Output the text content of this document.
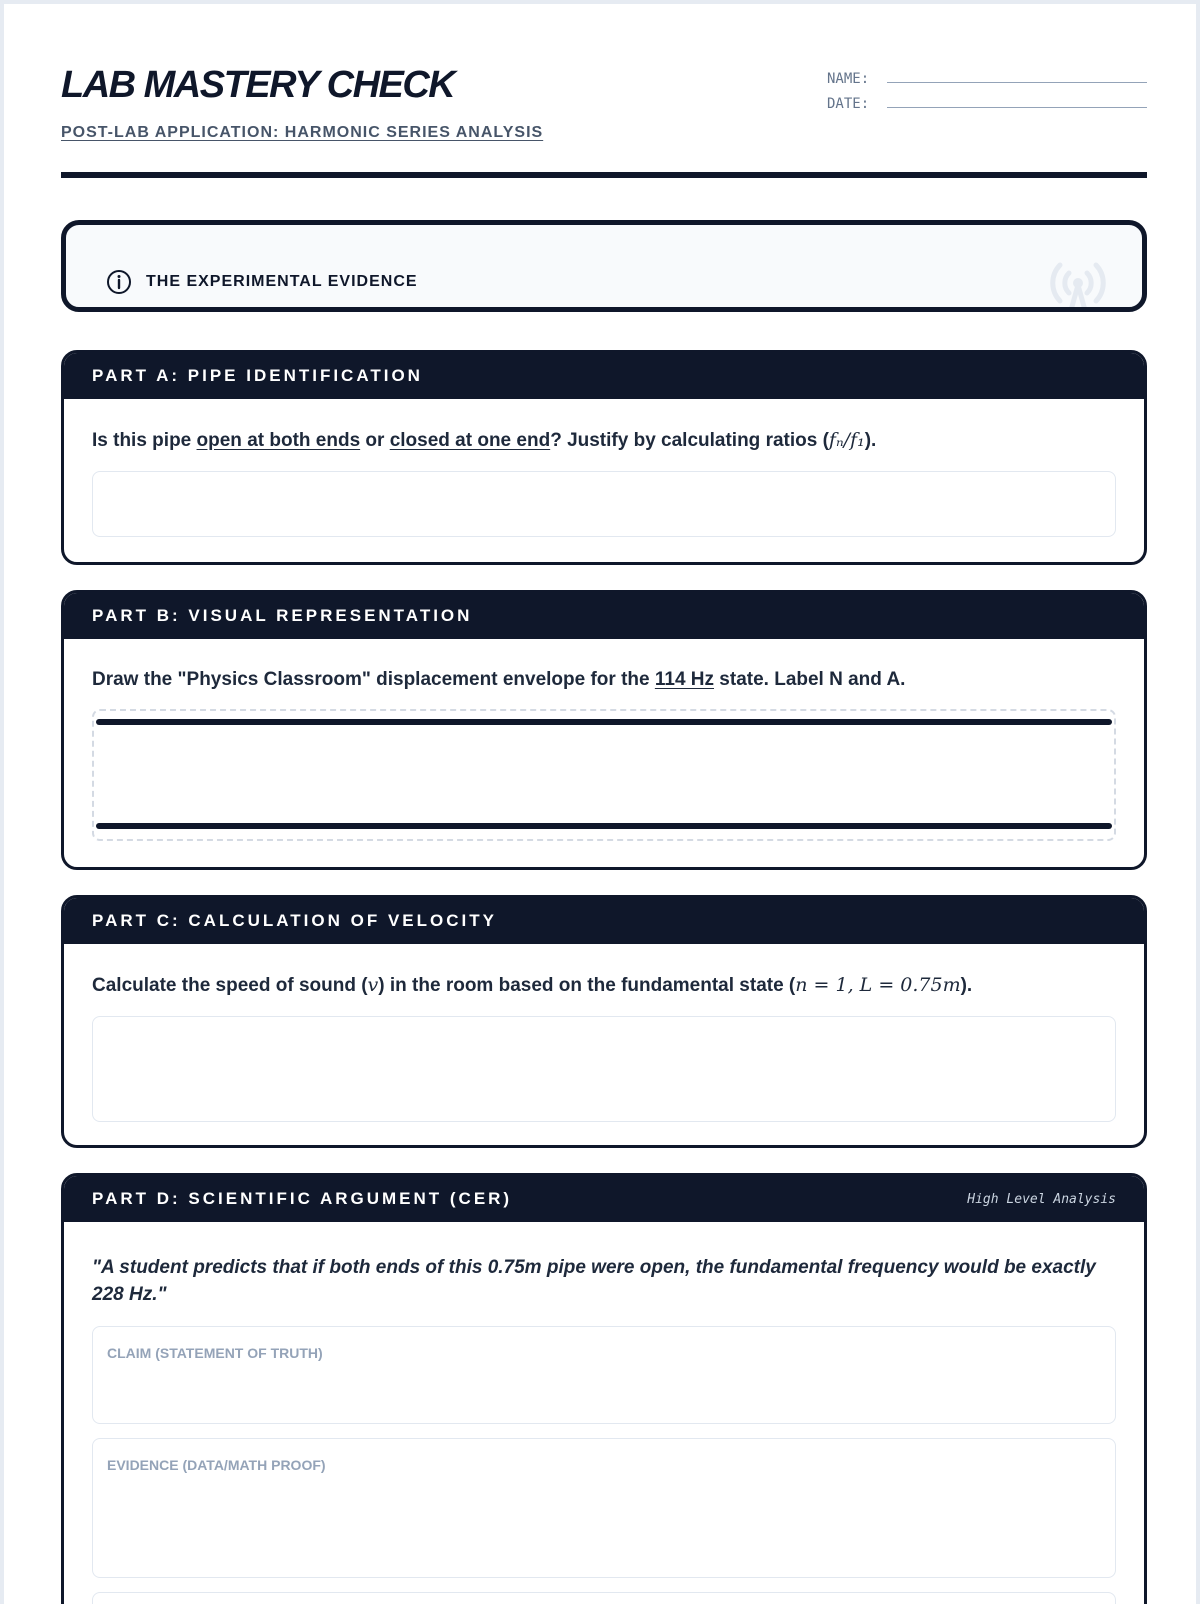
LAB MASTERY CHECK
POST-LAB APPLICATION: HARMONIC SERIES ANALYSIS
NAME:
DATE:
THE EXPERIMENTAL EVIDENCE
PART A: PIPE IDENTIFICATION
Is this pipe open at both ends or closed at one end? Justify by calculating ratios (fₙ/f₁).
PART B: VISUAL REPRESENTATION
Draw the "Physics Classroom" displacement envelope for the 114 Hz state. Label N and A.
PART C: CALCULATION OF VELOCITY
Calculate the speed of sound (v) in the room based on the fundamental state (n = 1, L = 0.75m).
PART D: SCIENTIFIC ARGUMENT (CER)	High Level Analysis
"A student predicts that if both ends of this 0.75m pipe were open, the fundamental frequency would be exactly 228 Hz."
CLAIM (STATEMENT OF TRUTH)
EVIDENCE (DATA/MATH PROOF)
